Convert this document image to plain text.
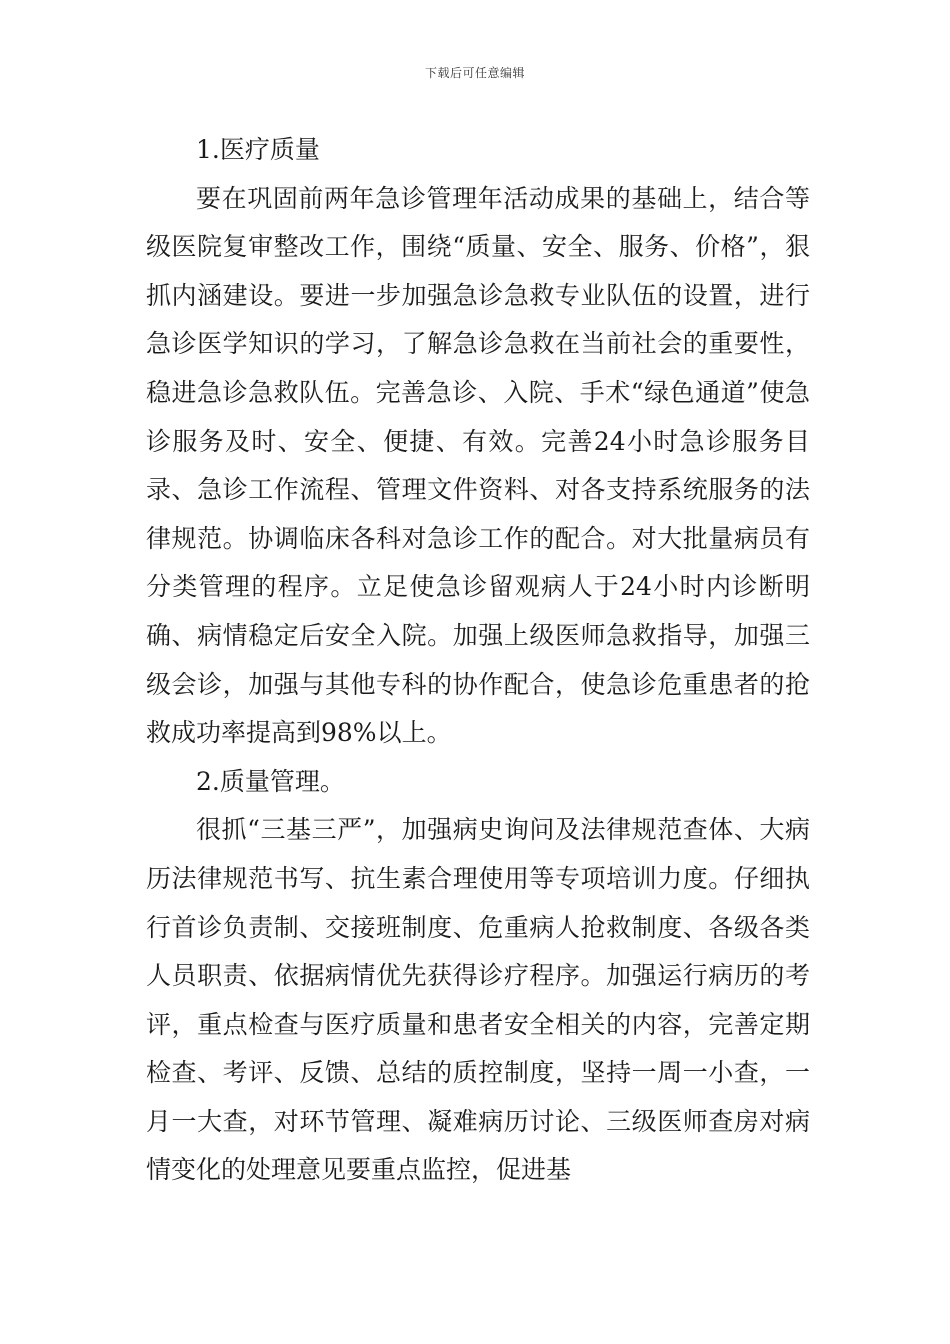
下载后可任意编辑

1.医疗质量

要在巩固前两年急诊管理年活动成果的基础上，结合等级医院复审整改工作，围绕“质量、安全、服务、价格”，狠抓内涵建设。要进一步加强急诊急救专业队伍的设置，进行急诊医学知识的学习，了解急诊急救在当前社会的重要性，稳进急诊急救队伍。完善急诊、入院、手术“绿色通道”使急诊服务及时、安全、便捷、有效。完善24小时急诊服务目录、急诊工作流程、管理文件资料、对各支持系统服务的法律规范。协调临床各科对急诊工作的配合。对大批量病员有分类管理的程序。立足使急诊留观病人于24小时内诊断明确、病情稳定后安全入院。加强上级医师急救指导，加强三级会诊，加强与其他专科的协作配合，使急诊危重患者的抢救成功率提高到98%以上。

2.质量管理。

很抓“三基三严”，加强病史询问及法律规范查体、大病历法律规范书写、抗生素合理使用等专项培训力度。仔细执行首诊负责制、交接班制度、危重病人抢救制度、各级各类人员职责、依据病情优先获得诊疗程序。加强运行病历的考评，重点检查与医疗质量和患者安全相关的内容，完善定期检查、考评、反馈、总结的质控制度，坚持一周一小查，一月一大查，对环节管理、凝难病历讨论、三级医师查房对病情变化的处理意见要重点监控，促进基
